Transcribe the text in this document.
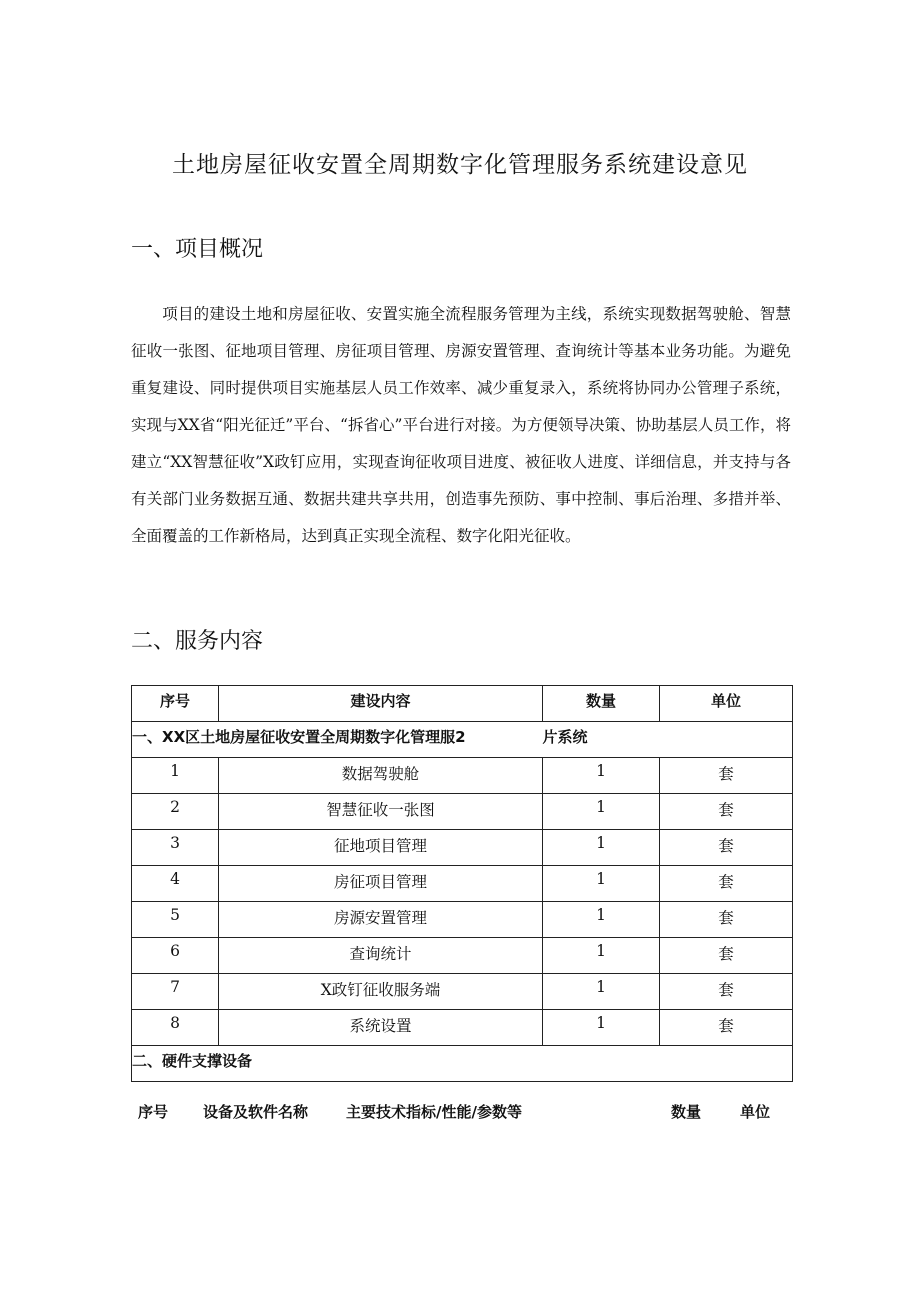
土地房屋征收安置全周期数字化管理服务系统建设意见
一、项目概况
项目的建设土地和房屋征收、安置实施全流程服务管理为主线，系统实现数据驾驶舱、智慧征收一张图、征地项目管理、房征项目管理、房源安置管理、查询统计等基本业务功能。为避免重复建设、同时提供项目实施基层人员工作效率、减少重复录入，系统将协同办公管理子系统，实现与XX省“阳光征迁”平台、“拆省心”平台进行对接。为方便领导决策、协助基层人员工作，将建立“XX智慧征收”X政钉应用，实现查询征收项目进度、被征收人进度、详细信息，并支持与各有关部门业务数据互通、数据共建共享共用，创造事先预防、事中控制、事后治理、多措并举、全面覆盖的工作新格局，达到真正实现全流程、数字化阳光征收。
二、服务内容
序号	建设内容	数量	单位
一、XX区土地房屋征收安置全周期数字化管理服2		片系统	
1	数据驾驶舱	1	套
2	智慧征收一张图	1	套
3	征地项目管理	1	套
4	房征项目管理	1	套
5	房源安置管理	1	套
6	查询统计	1	套
7	X政钉征收服务端	1	套
8	系统设置	1	套
二、硬件支撑设备			
序号 设备及软件名称	主要技术指标/性能/参数等	数量	单位
